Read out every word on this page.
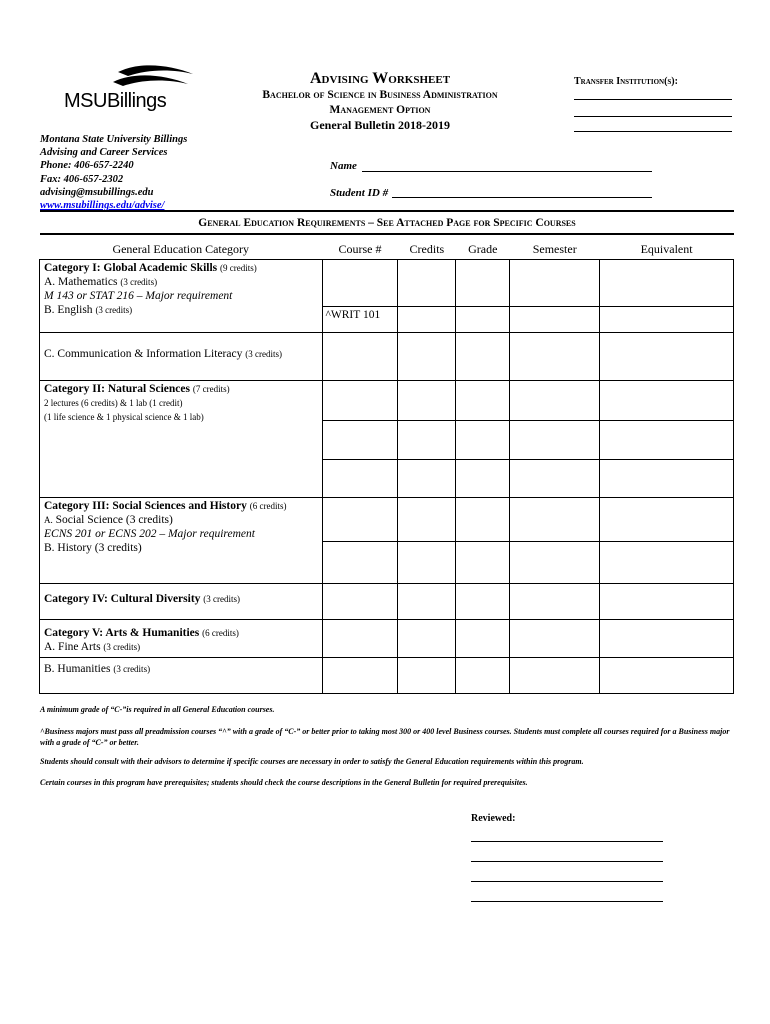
MSUBillings
Montana State University Billings
Advising and Career Services
Phone: 406-657-2240
Fax: 406-657-2302
advising@msubillings.edu
www.msubillings.edu/advise/
Advising Worksheet
Bachelor of Science in Business Administration
Management Option
General Bulletin 2018-2019
Transfer Institution(s):
Name
Student ID #
General Education Requirements – See Attached Page for Specific Courses
General Education Category	Course #	Credits	Grade	Semester	Equivalent

Category I: Global Academic Skills (9 credits)
A. Mathematics (3 credits)
M 143 or STAT 216 – Major requirement
B. English (3 credits)					

	^WRIT 101				
C. Communication & Information Literacy (3 credits)					

Category II: Natural Sciences (7 credits)
2 lectures (6 credits) & 1 lab (1 credit)
(1 life science & 1 physical science & 1 lab)					

Category III: Social Sciences and History (6 credits)
A. Social Science (3 credits)
ECNS 201 or ECNS 202 – Major requirement
B. History (3 credits)					

Category IV: Cultural Diversity (3 credits)					

Category V: Arts & Humanities (6 credits)
A. Fine Arts (3 credits)					

B. Humanities (3 credits)					
A minimum grade of “C-”is required in all General Education courses.
^Business majors must pass all preadmission courses “^” with a grade of “C-” or better prior to taking most 300 or 400 level Business courses. Students must complete all courses required for a Business major with a grade of “C-” or better.
Students should consult with their advisors to determine if specific courses are necessary in order to satisfy the General Education requirements within this program.
Certain courses in this program have prerequisites; students should check the course descriptions in the General Bulletin for required prerequisites.
Reviewed:
